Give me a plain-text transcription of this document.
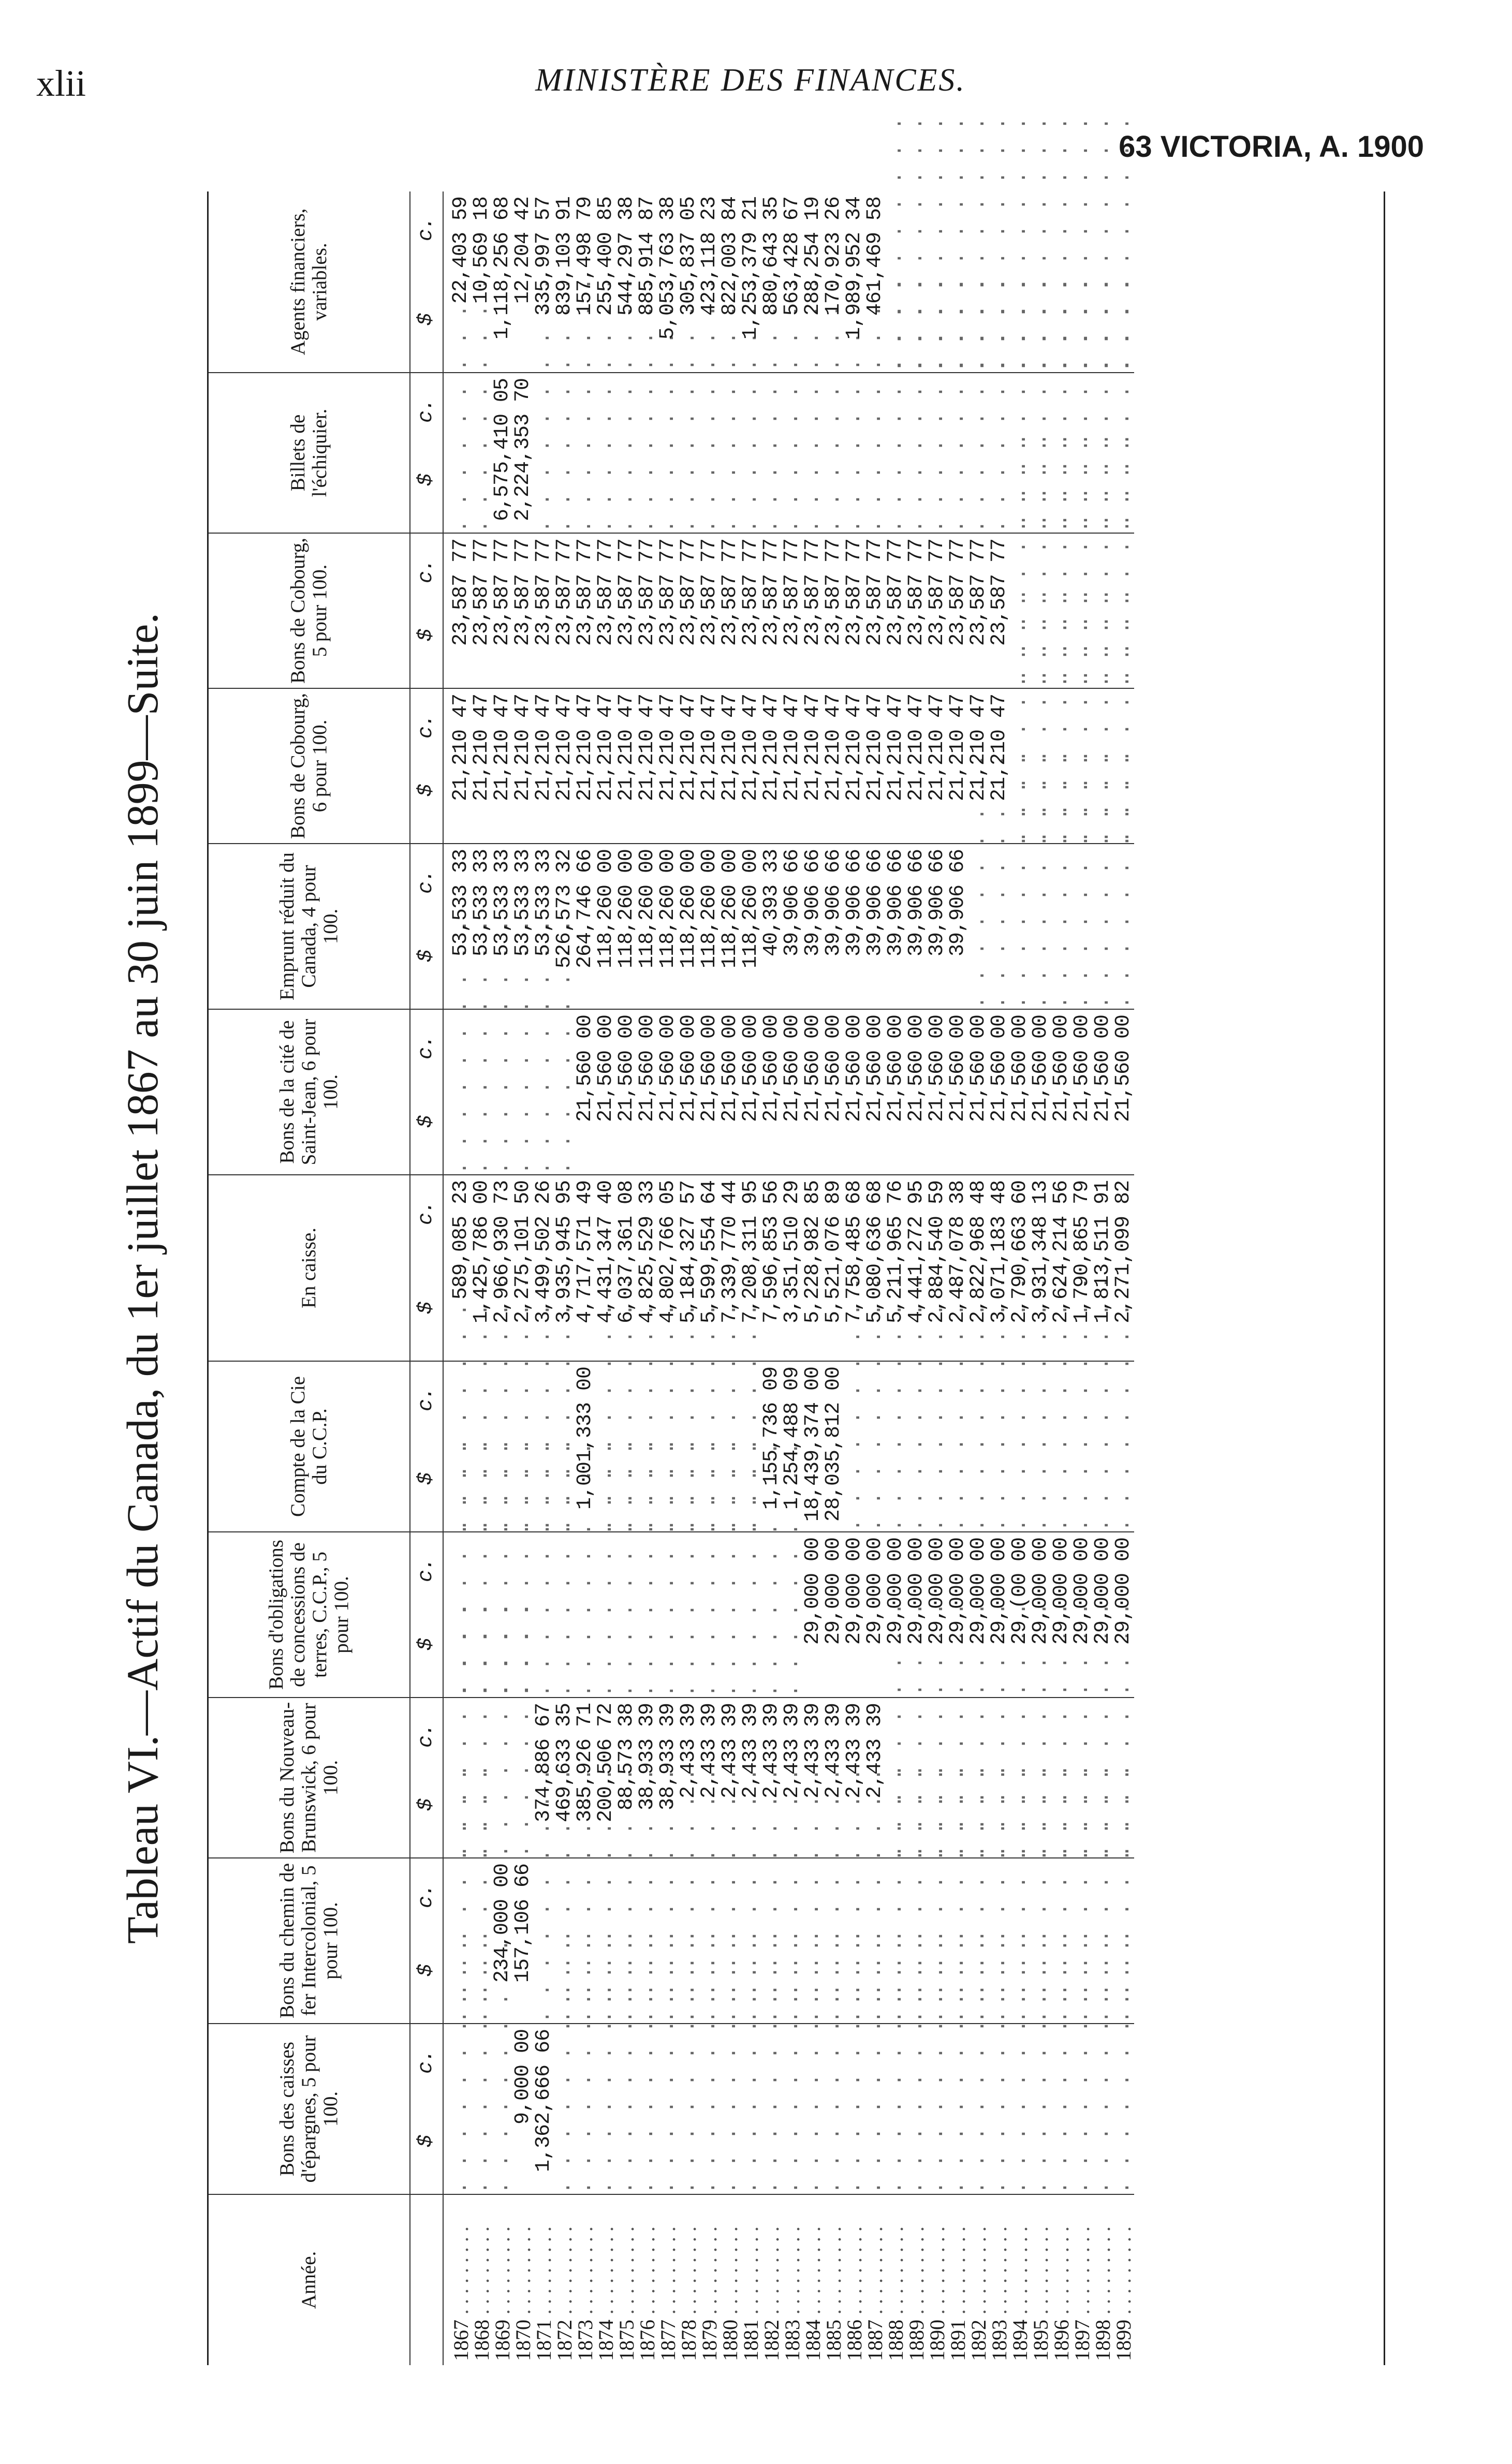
xlii	MINISTÈRE DES FINANCES.
63 VICTORIA, A. 1900
Tableau VI.—Actif du Canada, du 1er juillet 1867 au 30 juin 1899—Suite.
Année.	Bons des caisses d'épargnes, 5 pour 100.	Bons du chemin de fer Intercolonial, 5 pour 100.	Bons du Nouveau-Brunswick, 6 pour 100.	Bons d'obligations de concessions de terres, C.C.P., 5 pour 100.	Compte de la Cie du C.C.P.	En caisse.	Bons de la cité de Saint-Jean, 6 pour 100.	Emprunt réduit du Canada, 4 pour 100.	Bons de Cobourg, 6 pour 100.	Bons de Cobourg, 5 pour 100.	Billets de l'échiquier.	Agents financiers, variables.

	$
c.	$
c.	$
c.	$
c.	$
c.	$
c.	$
c.	$
c.	$
c.	$
c.	$
c.	$
c.

1867 . . .	. . .	. . .	. . .	. . .	. . .	589,085 23	. . .	53,533 33	21,210 47	23,587 77	. . .	22,403 59
1868 . . .	. . .	. . .	. . .	. . .	. . .	1,425,786 00	. . .	53,533 33	21,210 47	23,587 77	. . .	10,569 18
1869 . . .	. . .	234,000 00	. . .	. . .	. . .	2,966,930 73	. . .	53,533 33	21,210 47	23,587 77	6,575,410 05	1,118,256 68
1870 . . .	9,000 00	157,106 66	. . .	. . .	. . .	2,275,101 50	. . .	53,533 33	21,210 47	23,587 77	2,224,353 70	12,204 42
1871 . . .	1,362,666 66	. . .	374,886 67	. . .	. . .	3,499,502 26	. . .	53,533 33	21,210 47	23,587 77	. . .	335,997 57
1872 . . .	. . .	. . .	469,633 35	. . .	. . .	3,935,945 95	. . .	526,573 32	21,210 47	23,587 77	. . .	839,103 91
1873 . . .	. . .	. . .	385,926 71	. . .	1,001,333 00	4,717,571 49	21,560 00	264,746 66	21,210 47	23,587 77	. . .	157,498 79
1874 . . .	. . .	. . .	200,506 72	. . .	. . .	4,431,347 40	21,560 00	118,260 00	21,210 47	23,587 77	. . .	255,400 85
1875 . . .	. . .	. . .	88,573 38	. . .	. . .	6,037,361 08	21,560 00	118,260 00	21,210 47	23,587 77	. . .	544,297 38
1876 . . .	. . .	. . .	38,933 39	. . .	. . .	4,825,529 33	21,560 00	118,260 00	21,210 47	23,587 77	. . .	885,914 87
1877 . . .	. . .	. . .	38,933 39	. . .	. . .	4,802,766 05	21,560 00	118,260 00	21,210 47	23,587 77	. . .	5,053,763 38
1878 . . .	. . .	. . .	2,433 39	. . .	. . .	5,184,327 57	21,560 00	118,260 00	21,210 47	23,587 77	. . .	305,837 05
1879 . . .	. . .	. . .	2,433 39	. . .	. . .	5,599,554 64	21,560 00	118,260 00	21,210 47	23,587 77	. . .	423,118 23
1880 . . .	. . .	. . .	2,433 39	. . .	. . .	7,339,770 44	21,560 00	118,260 00	21,210 47	23,587 77	. . .	822,003 84
1881 . . .	. . .	. . .	2,433 39	. . .	. . .	7,208,311 95	21,560 00	118,260 00	21,210 47	23,587 77	. . .	1,253,379 21
1882 . . .	. . .	. . .	2,433 39	. . .	1,155,736 09	7,596,853 56	21,560 00	40,393 33	21,210 47	23,587 77	. . .	880,643 35
1883 . . .	. . .	. . .	2,433 39	. . .	1,254,488 09	3,351,510 29	21,560 00	39,906 66	21,210 47	23,587 77	. . .	563,428 67
1884 . . .	. . .	. . .	2,433 39	29,000 00	18,439,374 00	5,228,982 85	21,560 00	39,906 66	21,210 47	23,587 77	. . .	288,254 19
1885 . . .	. . .	. . .	2,433 39	29,000 00	28,035,812 00	5,521,076 89	21,560 00	39,906 66	21,210 47	23,587 77	. . .	170,923 26
1886 . . .	. . .	. . .	2,433 39	29,000 00	. . .	7,758,485 68	21,560 00	39,906 66	21,210 47	23,587 77	. . .	1,989,952 34
1887 . . .	. . .	. . .	2,433 39	29,000 00	. . .	5,080,636 68	21,560 00	39,906 66	21,210 47	23,587 77	. . .	461,469 58
1888 . . .	. . .	. . .	. . .	29,000 00	. . .	5,211,965 76	21,560 00	39,906 66	21,210 47	23,587 77	. . .	. . .
1889 . . .	. . .	. . .	. . .	29,000 00	. . .	4,441,272 95	21,560 00	39,906 66	21,210 47	23,587 77	. . .	. . .
1890 . . .	. . .	. . .	. . .	29,000 00	. . .	2,884,540 59	21,560 00	39,906 66	21,210 47	23,587 77	. . .	. . .
1891 . . .	. . .	. . .	. . .	29,000 00	. . .	2,487,078 38	21,560 00	39,906 66	21,210 47	23,587 77	. . .	. . .
1892 . . .	. . .	. . .	. . .	29,000 00	. . .	2,822,968 48	21,560 00	. . .	21,210 47	23,587 77	. . .	. . .
1893 . . .	. . .	. . .	. . .	29,000 00	. . .	3,071,183 48	21,560 00	. . .	21,210 47	23,587 77	. . .	. . .
1894 . . .	. . .	. . .	. . .	29,(00 00	. . .	2,790,663 60	21,560 00	. . .	. . .	. . .	. . .	. . .
1895 . . .	. . .	. . .	. . .	29,000 00	. . .	3,931,348 13	21,560 00	. . .	. . .	. . .	. . .	. . .
1896 . . .	. . .	. . .	. . .	29,000 00	. . .	2,624,214 56	21,560 00	. . .	. . .	. . .	. . .	. . .
1897 . . .	. . .	. . .	. . .	29,000 00	. . .	1,790,865 79	21,560 00	. . .	. . .	. . .	. . .	. . .
1898 . . .	. . .	. . .	. . .	29,000 00	. . .	1,813,511 91	21,560 00	. . .	. . .	. . .	. . .	. . .
1899 . . .	. . .	. . .	. . .	29,000 00	. . .	2,271,099 82	21,560 00	. . .	. . .	. . .	. . .	. . .
